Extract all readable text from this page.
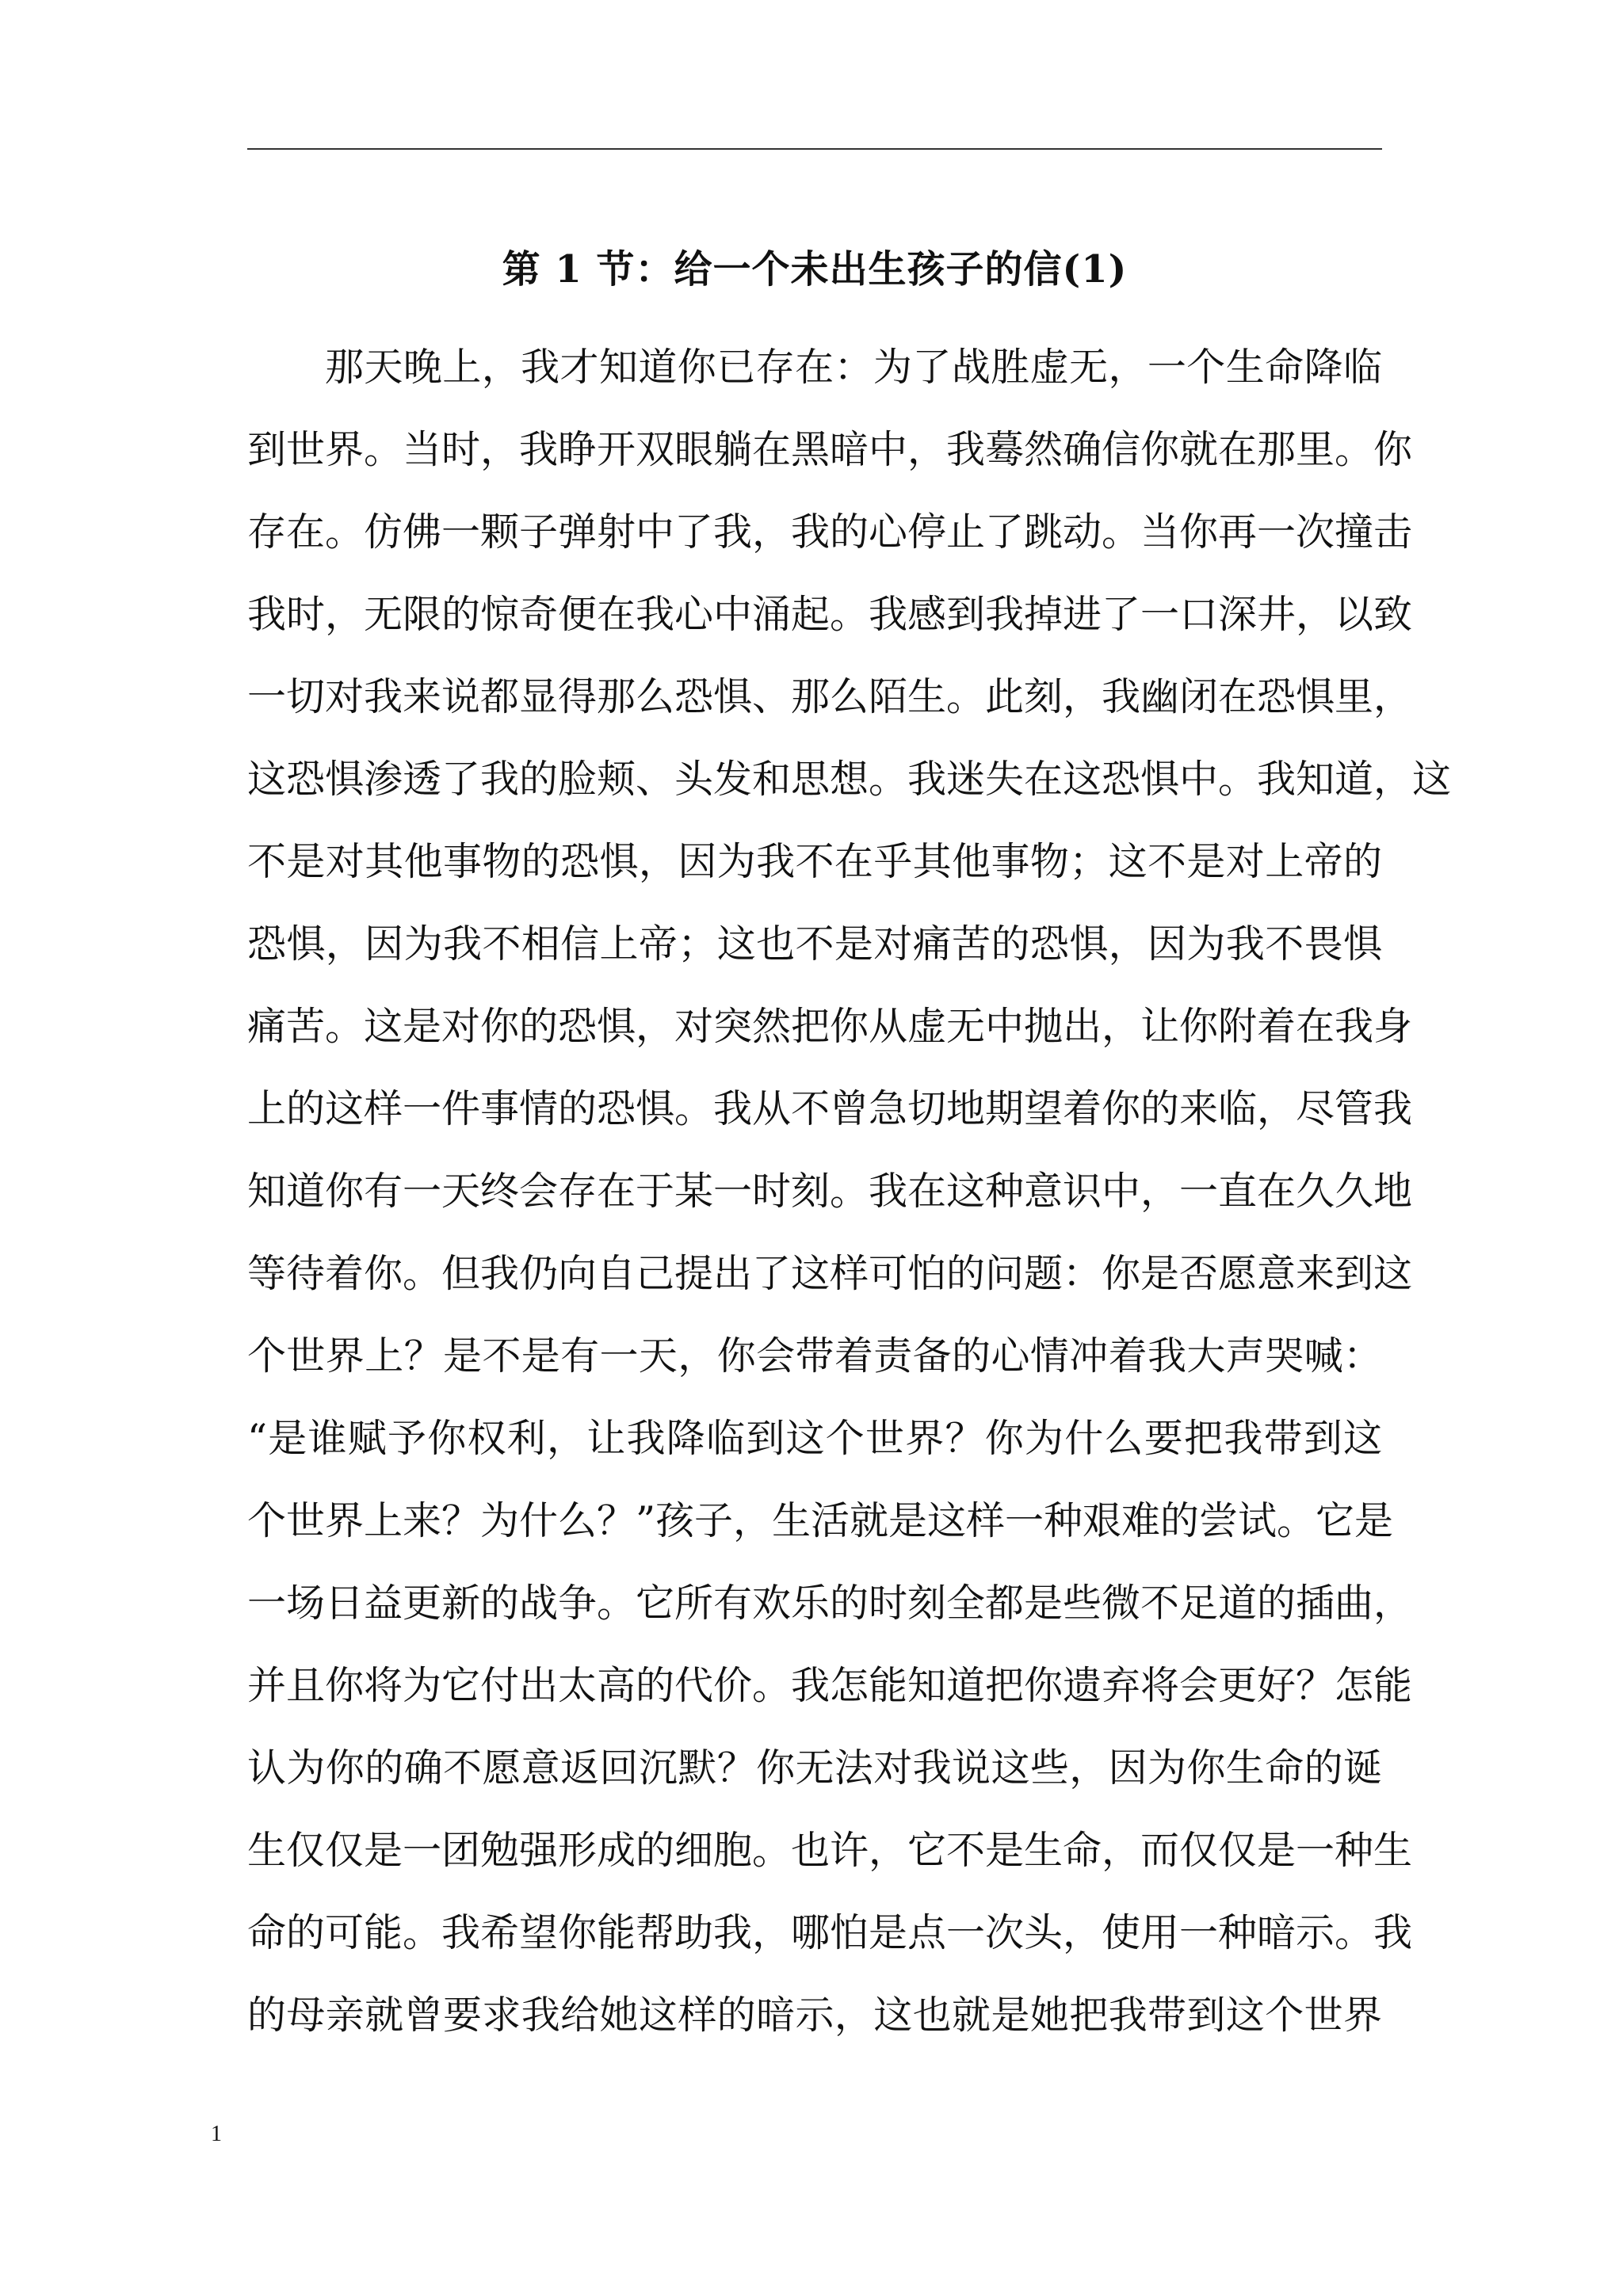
第 1 节：给一个未出生孩子的信(1)
那天晚上，我才知道你已存在：为了战胜虚无，一个生命降临
到世界。当时，我睁开双眼躺在黑暗中，我蓦然确信你就在那里。你
存在。仿佛一颗子弹射中了我，我的心停止了跳动。当你再一次撞击
我时，无限的惊奇便在我心中涌起。我感到我掉进了一口深井，以致
一切对我来说都显得那么恐惧、那么陌生。此刻，我幽闭在恐惧里，
这恐惧渗透了我的脸颊、头发和思想。我迷失在这恐惧中。我知道，这
不是对其他事物的恐惧，因为我不在乎其他事物；这不是对上帝的
恐惧，因为我不相信上帝；这也不是对痛苦的恐惧，因为我不畏惧
痛苦。这是对你的恐惧，对突然把你从虚无中抛出，让你附着在我身
上的这样一件事情的恐惧。我从不曾急切地期望着你的来临，尽管我
知道你有一天终会存在于某一时刻。我在这种意识中，一直在久久地
等待着你。但我仍向自己提出了这样可怕的问题：你是否愿意来到这
个世界上？是不是有一天，你会带着责备的心情冲着我大声哭喊：
“是谁赋予你权利，让我降临到这个世界？你为什么要把我带到这
个世界上来？为什么？”孩子，生活就是这样一种艰难的尝试。它是
一场日益更新的战争。它所有欢乐的时刻全都是些微不足道的插曲，
并且你将为它付出太高的代价。我怎能知道把你遗弃将会更好？怎能
认为你的确不愿意返回沉默？你无法对我说这些，因为你生命的诞
生仅仅是一团勉强形成的细胞。也许，它不是生命，而仅仅是一种生
命的可能。我希望你能帮助我，哪怕是点一次头，使用一种暗示。我
的母亲就曾要求我给她这样的暗示，这也就是她把我带到这个世界
1
